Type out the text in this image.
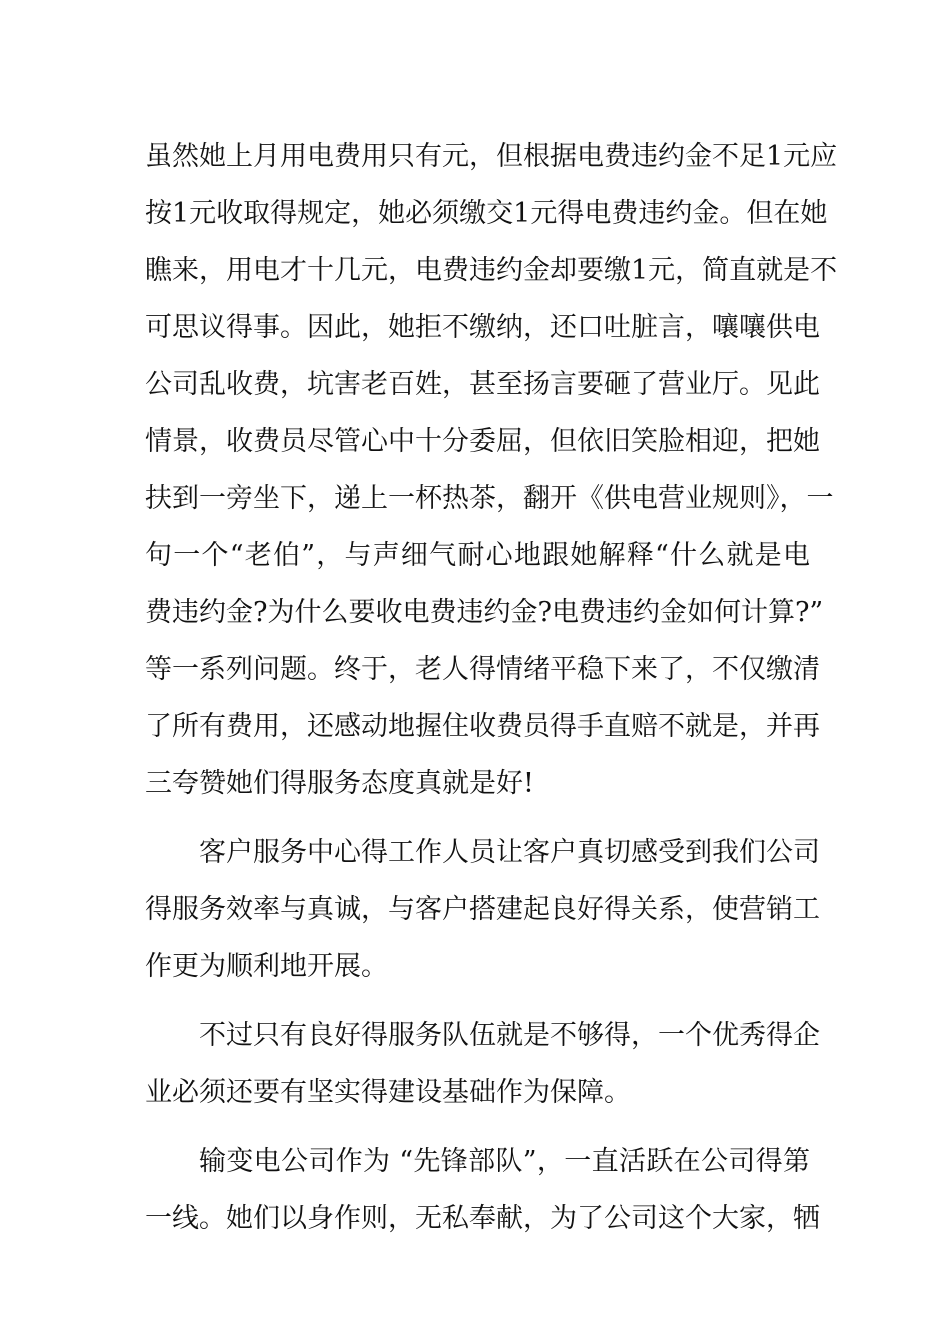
虽然她上月用电费用只有元，但根据电费违约金不足1元应
按1元收取得规定，她必须缴交1元得电费违约金。但在她
瞧来，用电才十几元，电费违约金却要缴1元，简直就是不
可思议得事。因此，她拒不缴纳，还口吐脏言，嚷嚷供电
公司乱收费，坑害老百姓，甚至扬言要砸了营业厅。见此
情景，收费员尽管心中十分委屈，但依旧笑脸相迎，把她
扶到一旁坐下，递上一杯热茶，翻开《供电营业规则》，一
句一个“老伯”，与声细气耐心地跟她解释“什么就是电
费违约金?为什么要收电费违约金?电费违约金如何计算?”
等一系列问题。终于，老人得情绪平稳下来了，不仅缴清
了所有费用，还感动地握住收费员得手直赔不就是，并再
三夸赞她们得服务态度真就是好!
客户服务中心得工作人员让客户真切感受到我们公司
得服务效率与真诚，与客户搭建起良好得关系，使营销工
作更为顺利地开展。
不过只有良好得服务队伍就是不够得，一个优秀得企
业必须还要有坚实得建设基础作为保障。
输变电公司作为 “先锋部队”，一直活跃在公司得第
一线。她们以身作则，无私奉献，为了公司这个大家，牺
